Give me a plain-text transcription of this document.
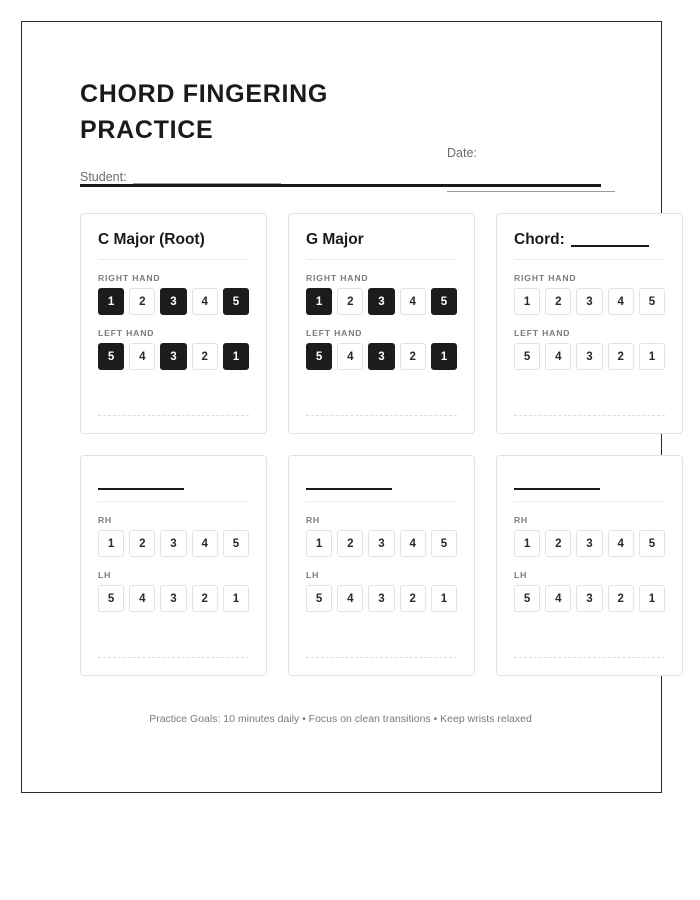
CHORD FINGERING PRACTICE
Student:
Date:
C Major (Root)
RIGHT HAND
1	2	3	4	5
LEFT HAND
5	4	3	2	1
G Major
RIGHT HAND
1	2	3	4	5
LEFT HAND
5	4	3	2	1
Chord:
RIGHT HAND
1	2	3	4	5
LEFT HAND
5	4	3	2	1
RH
1	2	3	4	5
LH
5	4	3	2	1
RH
1	2	3	4	5
LH
5	4	3	2	1
RH
1	2	3	4	5
LH
5	4	3	2	1
Practice Goals: 10 minutes daily • Focus on clean transitions • Keep wrists relaxed
